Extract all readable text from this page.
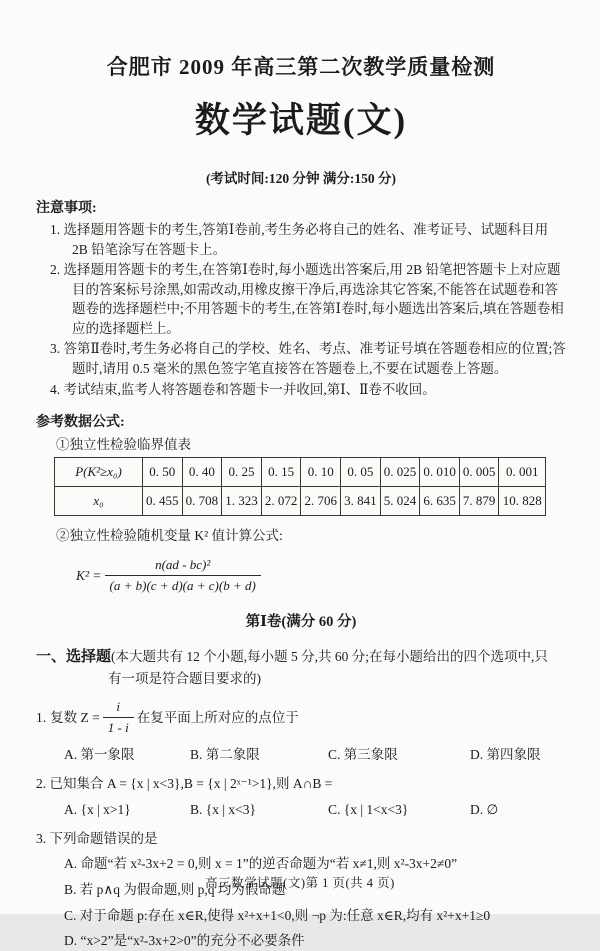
合肥市 2009 年高三第二次教学质量检测
数学试题(文)
(考试时间:120 分钟 满分:150 分)
注意事项:
1. 选择题用答题卡的考生,答第Ⅰ卷前,考生务必将自己的姓名、准考证号、试题科目用 2B 铅笔涂写在答题卡上。
2. 选择题用答题卡的考生,在答第Ⅰ卷时,每小题选出答案后,用 2B 铅笔把答题卡上对应题目的答案标号涂黑,如需改动,用橡皮擦干净后,再选涂其它答案,不能答在试题卷和答题卷的选择题栏中;不用答题卡的考生,在答第Ⅰ卷时,每小题选出答案后,填在答题卷相应的选择题栏上。
3. 答第Ⅱ卷时,考生务必将自己的学校、姓名、考点、准考证号填在答题卷相应的位置;答题时,请用 0.5 毫米的黑色签字笔直接答在答题卷上,不要在试题卷上答题。
4. 考试结束,监考人将答题卷和答题卡一并收回,第Ⅰ、Ⅱ卷不收回。
参考数据公式:
①独立性检验临界值表
P(K²≥x₀)	0. 50	0. 40	0. 25	0. 15	0. 10	0. 05	0. 025	0. 010	0. 005	0. 001
x₀	0. 455	0. 708	1. 323	2. 072	2. 706	3. 841	5. 024	6. 635	7. 879	10. 828
②独立性检验随机变量 K² 值计算公式:
$K^2 = \frac{\text{n(ad - bc)²}}{(a + b)(c + d)(a + c)(b + d)}$
第Ⅰ卷(满分 60 分)
一、选择题(本大题共有 12 个小题,每小题 5 分,共 60 分;在每小题给出的四个选项中,只
有一项是符合题目要求的)
1. 复数 $Z = \frac{i}{1 - i}$ 在复平面上所对应的点位于
A. 第一象限	B. 第二象限	C. 第三象限	D. 第四象限
2. 已知集合 A = {x | x<3},B = {x | 2ˣ⁻¹>1},则 A∩B =
A. {x | x>1}	B. {x | x<3}	C. {x | 1<x<3}	D. ∅
3. 下列命题错误的是
A. 命题“若 x²-3x+2 = 0,则 x = 1”的逆否命题为“若 x≠1,则 x²-3x+2≠0”
B. 若 p∧q 为假命题,则 p,q 均为假命题
C. 对于命题 p:存在 x∈R,使得 x²+x+1<0,则 ¬p 为:任意 x∈R,均有 x²+x+1≥0
D. “x>2”是“x²-3x+2>0”的充分不必要条件
高三数学试题(文)第 1 页(共 4 页)
